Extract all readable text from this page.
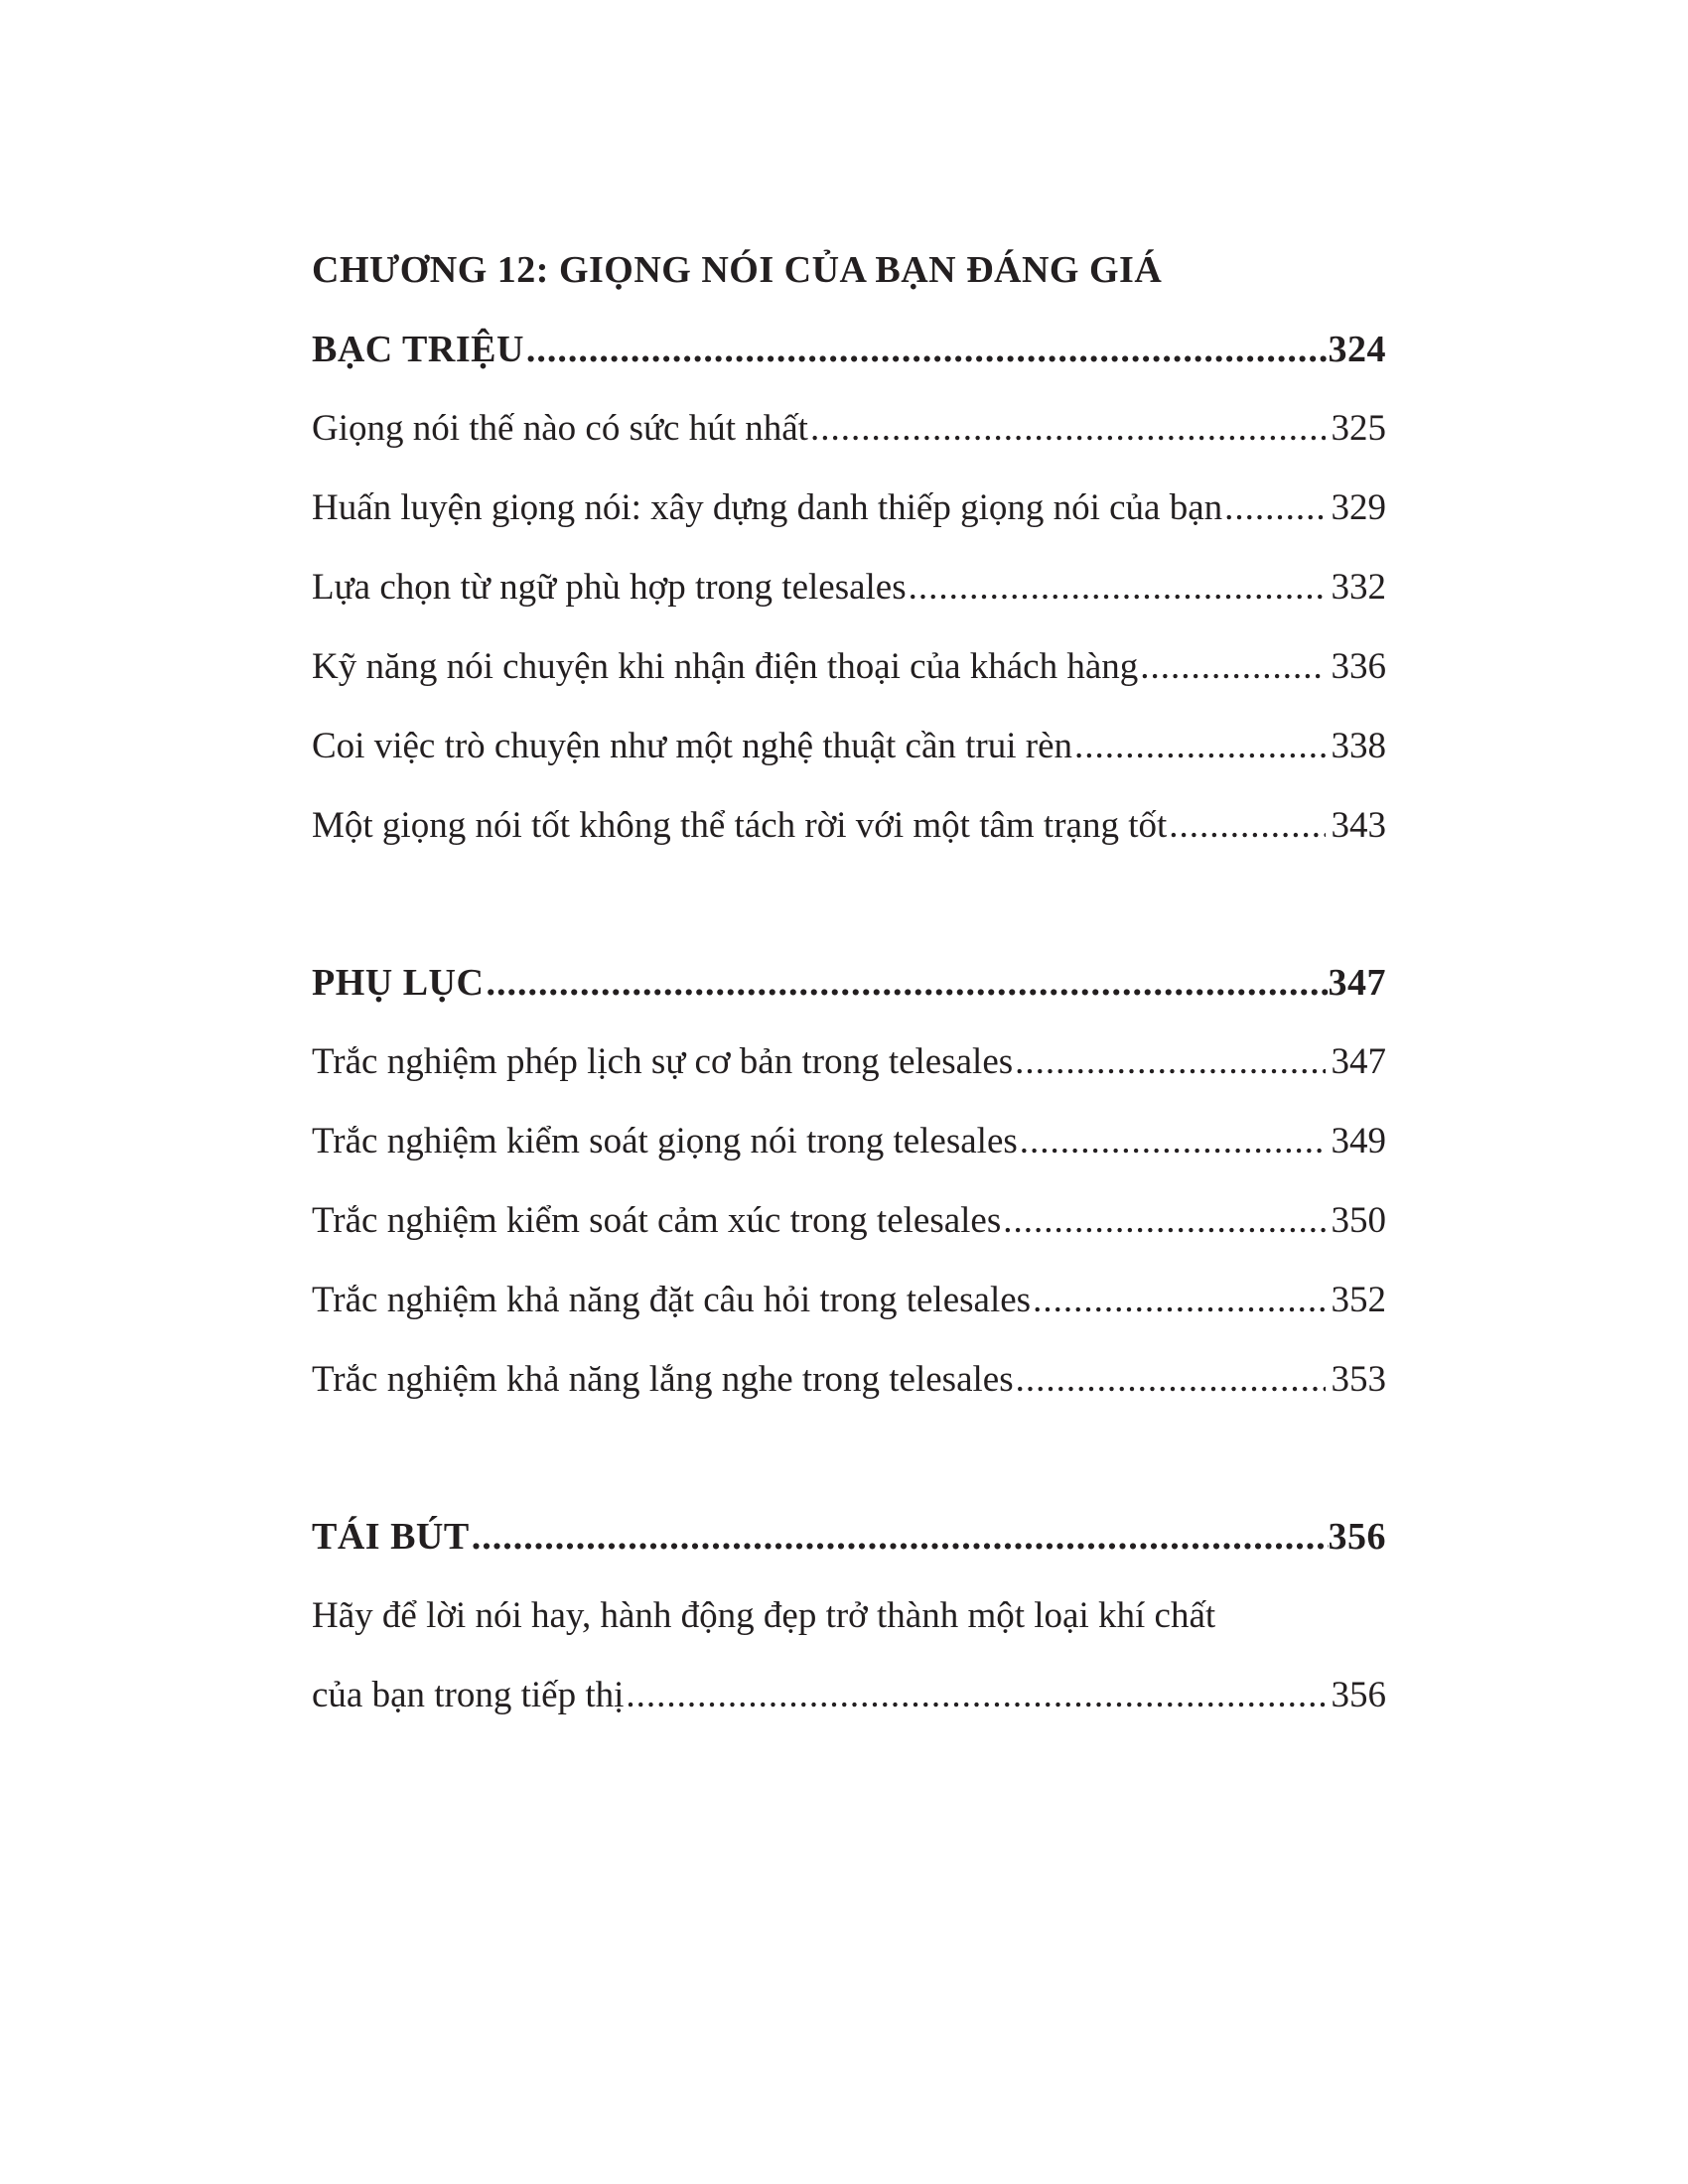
CHƯƠNG 12: GIỌNG NÓI CỦA BẠN ĐÁNG GIÁ
BẠC TRIỆU .....	324
Giọng nói thế nào có sức hút nhất .....	325
Huấn luyện giọng nói: xây dựng danh thiếp giọng nói của bạn .....	329
Lựa chọn từ ngữ phù hợp trong telesales .....	332
Kỹ năng nói chuyện khi nhận điện thoại của khách hàng .....	336
Coi việc trò chuyện như một nghệ thuật cần trui rèn .....	338
Một giọng nói tốt không thể tách rời với một tâm trạng tốt .....	343
PHỤ LỤC .....	347
Trắc nghiệm phép lịch sự cơ bản trong telesales .....	347
Trắc nghiệm kiểm soát giọng nói trong telesales .....	349
Trắc nghiệm kiểm soát cảm xúc trong telesales .....	350
Trắc nghiệm khả năng đặt câu hỏi trong telesales .....	352
Trắc nghiệm khả năng lắng nghe trong telesales .....	353
TÁI BÚT .....	356
Hãy để lời nói hay, hành động đẹp trở thành một loại khí chất
của bạn trong tiếp thị .....	356
